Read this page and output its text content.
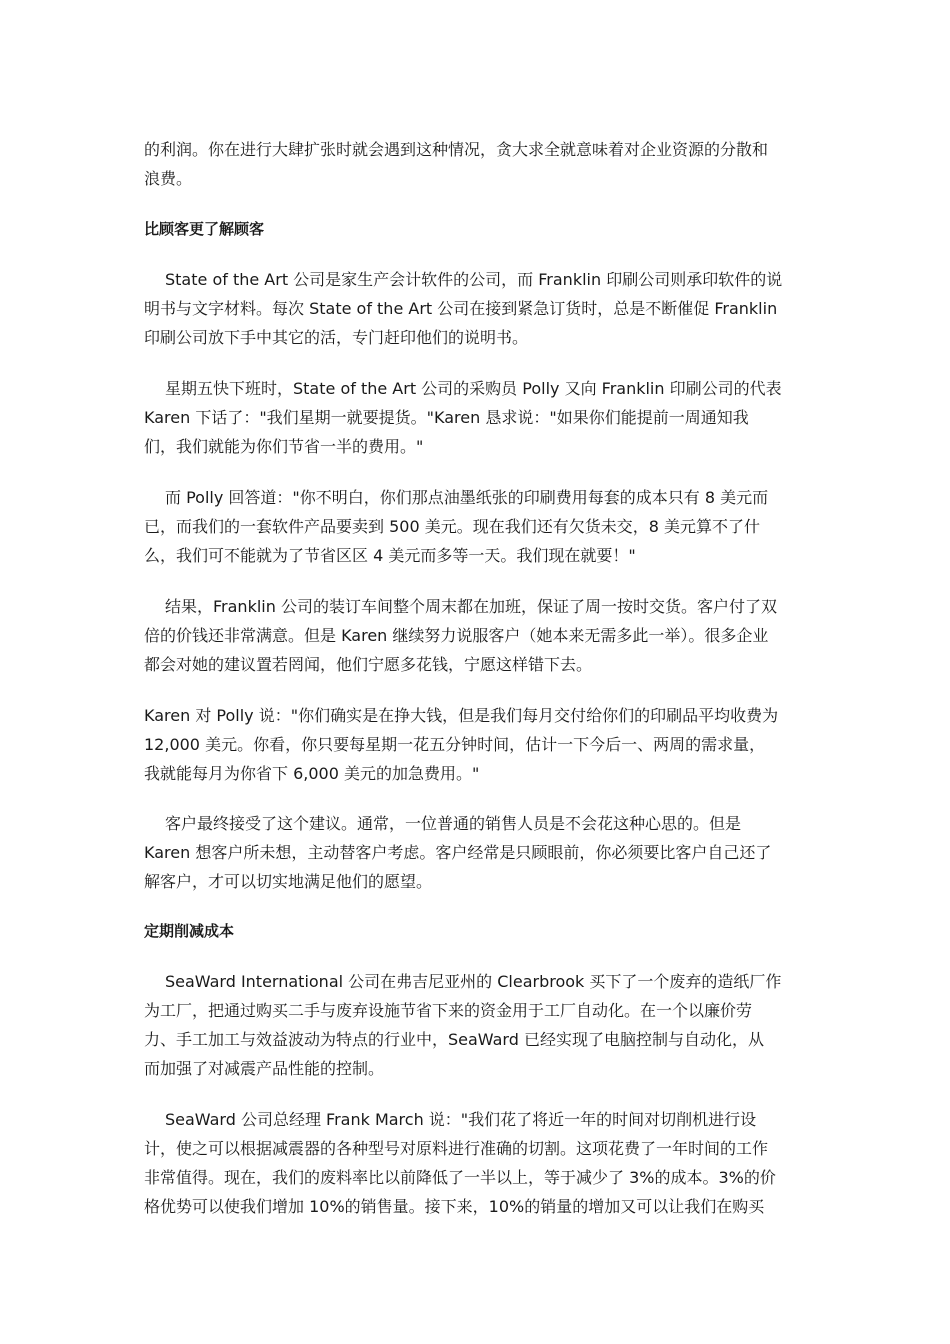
的利润。你在进行大肆扩张时就会遇到这种情况，贪大求全就意味着对企业资源的分散和
浪费。
比顾客更了解顾客
State of the Art 公司是家生产会计软件的公司，而 Franklin 印刷公司则承印软件的说
明书与文字材料。每次 State of the Art 公司在接到紧急订货时，总是不断催促 Franklin
印刷公司放下手中其它的活，专门赶印他们的说明书。
星期五快下班时，State of the Art 公司的采购员 Polly 又向 Franklin 印刷公司的代表
Karen 下话了："我们星期一就要提货。"Karen 恳求说："如果你们能提前一周通知我
们，我们就能为你们节省一半的费用。"
而 Polly 回答道："你不明白，你们那点油墨纸张的印刷费用每套的成本只有 8 美元而
已，而我们的一套软件产品要卖到 500 美元。现在我们还有欠货未交，8 美元算不了什
么，我们可不能就为了节省区区 4 美元而多等一天。我们现在就要！"
结果，Franklin 公司的装订车间整个周末都在加班，保证了周一按时交货。客户付了双
倍的价钱还非常满意。但是 Karen 继续努力说服客户（她本来无需多此一举）。很多企业
都会对她的建议置若罔闻，他们宁愿多花钱，宁愿这样错下去。
Karen 对 Polly 说："你们确实是在挣大钱，但是我们每月交付给你们的印刷品平均收费为
12,000 美元。你看，你只要每星期一花五分钟时间，估计一下今后一、两周的需求量，
我就能每月为你省下 6,000 美元的加急费用。"
客户最终接受了这个建议。通常，一位普通的销售人员是不会花这种心思的。但是
Karen 想客户所未想，主动替客户考虑。客户经常是只顾眼前，你必须要比客户自己还了
解客户，才可以切实地满足他们的愿望。
定期削减成本
SeaWard International 公司在弗吉尼亚州的 Clearbrook 买下了一个废弃的造纸厂作
为工厂，把通过购买二手与废弃设施节省下来的资金用于工厂自动化。在一个以廉价劳
力、手工加工与效益波动为特点的行业中，SeaWard 已经实现了电脑控制与自动化，从
而加强了对减震产品性能的控制。
SeaWard 公司总经理 Frank March 说："我们花了将近一年的时间对切削机进行设
计，使之可以根据减震器的各种型号对原料进行准确的切割。这项花费了一年时间的工作
非常值得。现在，我们的废料率比以前降低了一半以上，等于减少了 3%的成本。3%的价
格优势可以使我们增加 10%的销售量。接下来，10%的销量的增加又可以让我们在购买
